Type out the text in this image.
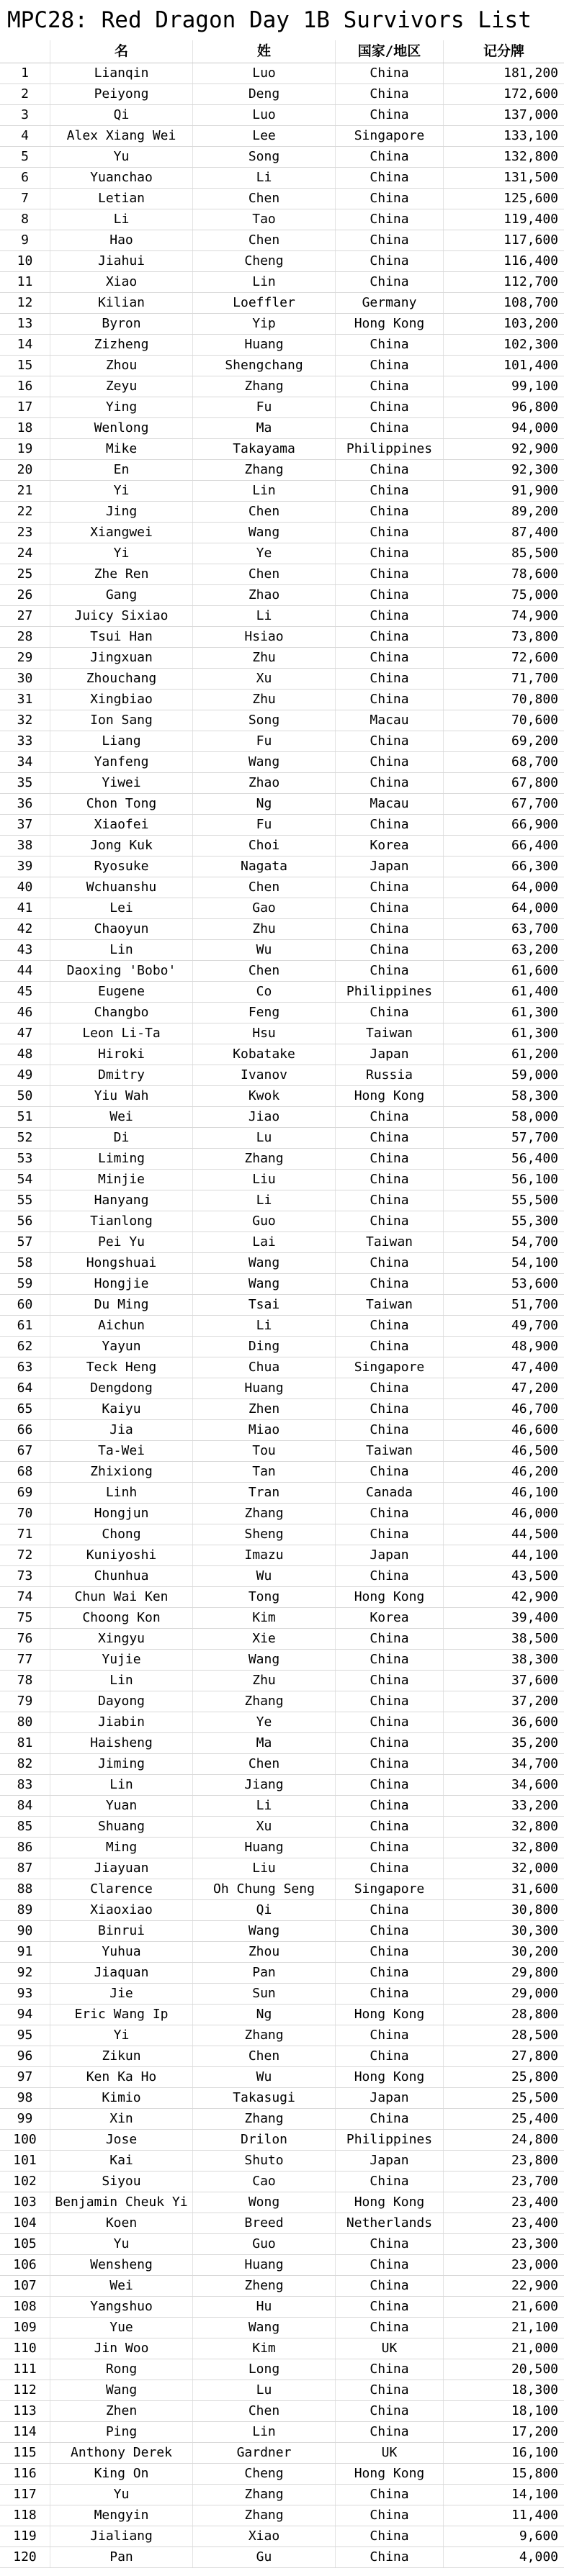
MPC28: Red Dragon Day 1B Survivors List
名	姓	国家/地区	记分牌
1	Lianqin	Luo	China	181,200
2	Peiyong	Deng	China	172,600
3	Qi	Luo	China	137,000
4	Alex Xiang Wei	Lee	Singapore	133,100
5	Yu	Song	China	132,800
6	Yuanchao	Li	China	131,500
7	Letian	Chen	China	125,600
8	Li	Tao	China	119,400
9	Hao	Chen	China	117,600
10	Jiahui	Cheng	China	116,400
11	Xiao	Lin	China	112,700
12	Kilian	Loeffler	Germany	108,700
13	Byron	Yip	Hong Kong	103,200
14	Zizheng	Huang	China	102,300
15	Zhou	Shengchang	China	101,400
16	Zeyu	Zhang	China	99,100
17	Ying	Fu	China	96,800
18	Wenlong	Ma	China	94,000
19	Mike	Takayama	Philippines	92,900
20	En	Zhang	China	92,300
21	Yi	Lin	China	91,900
22	Jing	Chen	China	89,200
23	Xiangwei	Wang	China	87,400
24	Yi	Ye	China	85,500
25	Zhe Ren	Chen	China	78,600
26	Gang	Zhao	China	75,000
27	Juicy Sixiao	Li	China	74,900
28	Tsui Han	Hsiao	China	73,800
29	Jingxuan	Zhu	China	72,600
30	Zhouchang	Xu	China	71,700
31	Xingbiao	Zhu	China	70,800
32	Ion Sang	Song	Macau	70,600
33	Liang	Fu	China	69,200
34	Yanfeng	Wang	China	68,700
35	Yiwei	Zhao	China	67,800
36	Chon Tong	Ng	Macau	67,700
37	Xiaofei	Fu	China	66,900
38	Jong Kuk	Choi	Korea	66,400
39	Ryosuke	Nagata	Japan	66,300
40	Wchuanshu	Chen	China	64,000
41	Lei	Gao	China	64,000
42	Chaoyun	Zhu	China	63,700
43	Lin	Wu	China	63,200
44	Daoxing 'Bobo'	Chen	China	61,600
45	Eugene	Co	Philippines	61,400
46	Changbo	Feng	China	61,300
47	Leon Li-Ta	Hsu	Taiwan	61,300
48	Hiroki	Kobatake	Japan	61,200
49	Dmitry	Ivanov	Russia	59,000
50	Yiu Wah	Kwok	Hong Kong	58,300
51	Wei	Jiao	China	58,000
52	Di	Lu	China	57,700
53	Liming	Zhang	China	56,400
54	Minjie	Liu	China	56,100
55	Hanyang	Li	China	55,500
56	Tianlong	Guo	China	55,300
57	Pei Yu	Lai	Taiwan	54,700
58	Hongshuai	Wang	China	54,100
59	Hongjie	Wang	China	53,600
60	Du Ming	Tsai	Taiwan	51,700
61	Aichun	Li	China	49,700
62	Yayun	Ding	China	48,900
63	Teck Heng	Chua	Singapore	47,400
64	Dengdong	Huang	China	47,200
65	Kaiyu	Zhen	China	46,700
66	Jia	Miao	China	46,600
67	Ta-Wei	Tou	Taiwan	46,500
68	Zhixiong	Tan	China	46,200
69	Linh	Tran	Canada	46,100
70	Hongjun	Zhang	China	46,000
71	Chong	Sheng	China	44,500
72	Kuniyoshi	Imazu	Japan	44,100
73	Chunhua	Wu	China	43,500
74	Chun Wai Ken	Tong	Hong Kong	42,900
75	Choong Kon	Kim	Korea	39,400
76	Xingyu	Xie	China	38,500
77	Yujie	Wang	China	38,300
78	Lin	Zhu	China	37,600
79	Dayong	Zhang	China	37,200
80	Jiabin	Ye	China	36,600
81	Haisheng	Ma	China	35,200
82	Jiming	Chen	China	34,700
83	Lin	Jiang	China	34,600
84	Yuan	Li	China	33,200
85	Shuang	Xu	China	32,800
86	Ming	Huang	China	32,800
87	Jiayuan	Liu	China	32,000
88	Clarence	Oh Chung Seng	Singapore	31,600
89	Xiaoxiao	Qi	China	30,800
90	Binrui	Wang	China	30,300
91	Yuhua	Zhou	China	30,200
92	Jiaquan	Pan	China	29,800
93	Jie	Sun	China	29,000
94	Eric Wang Ip	Ng	Hong Kong	28,800
95	Yi	Zhang	China	28,500
96	Zikun	Chen	China	27,800
97	Ken Ka Ho	Wu	Hong Kong	25,800
98	Kimio	Takasugi	Japan	25,500
99	Xin	Zhang	China	25,400
100	Jose	Drilon	Philippines	24,800
101	Kai	Shuto	Japan	23,800
102	Siyou	Cao	China	23,700
103	Benjamin Cheuk Yi	Wong	Hong Kong	23,400
104	Koen	Breed	Netherlands	23,400
105	Yu	Guo	China	23,300
106	Wensheng	Huang	China	23,000
107	Wei	Zheng	China	22,900
108	Yangshuo	Hu	China	21,600
109	Yue	Wang	China	21,100
110	Jin Woo	Kim	UK	21,000
111	Rong	Long	China	20,500
112	Wang	Lu	China	18,300
113	Zhen	Chen	China	18,100
114	Ping	Lin	China	17,200
115	Anthony Derek	Gardner	UK	16,100
116	King On	Cheng	Hong Kong	15,800
117	Yu	Zhang	China	14,100
118	Mengyin	Zhang	China	11,400
119	Jialiang	Xiao	China	9,600
120	Pan	Gu	China	4,000
